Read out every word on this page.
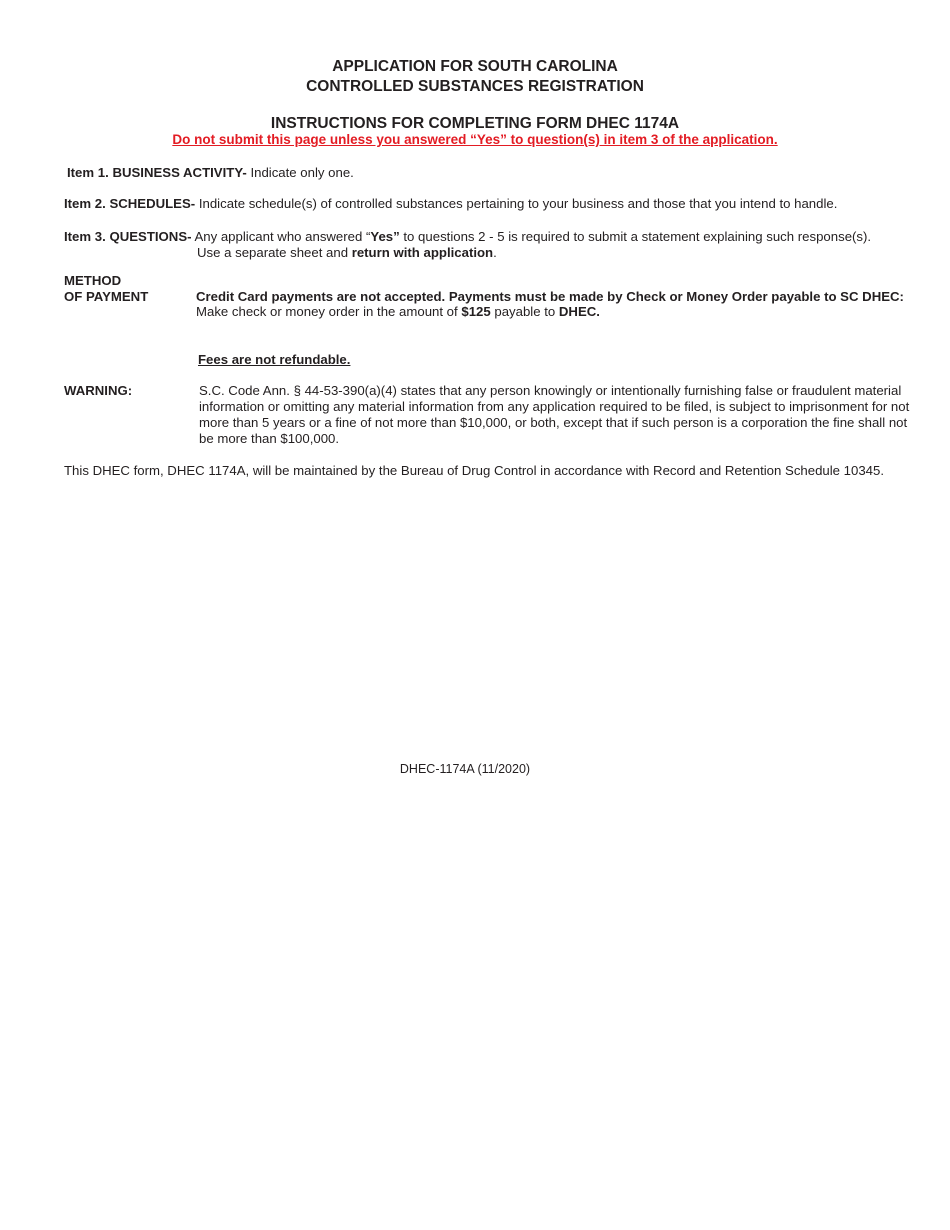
APPLICATION FOR SOUTH CAROLINA

CONTROLLED SUBSTANCES REGISTRATION

INSTRUCTIONS FOR COMPLETING FORM DHEC 1174A

Do not submit this page unless you answered “Yes” to question(s) in item 3 of the application.

Item 1. BUSINESS ACTIVITY- Indicate only one.

Item 2. SCHEDULES- Indicate schedule(s) of controlled substances pertaining to your business and those that you intend to handle.

Item 3. QUESTIONS- Any applicant who answered “Yes” to questions 2 - 5 is required to submit a statement explaining such response(s).

Use a separate sheet and return with application.

METHOD

OF PAYMENT	Credit Card payments are not accepted. Payments must be made by Check or Money Order payable to SC DHEC:

Make check or money order in the amount of $125 payable to DHEC.

Fees are not refundable.

WARNING:	S.C. Code Ann. § 44-53-390(a)(4) states that any person knowingly or intentionally furnishing false or fraudulent material information or omitting any material information from any application required to be filed, is subject to imprisonment for not more than 5 years or a fine of not more than $10,000, or both, except that if such person is a corporation the fine shall not be more than $100,000.

This DHEC form, DHEC 1174A, will be maintained by the Bureau of Drug Control in accordance with Record and Retention Schedule 10345.

DHEC-1174A (11/2020)
